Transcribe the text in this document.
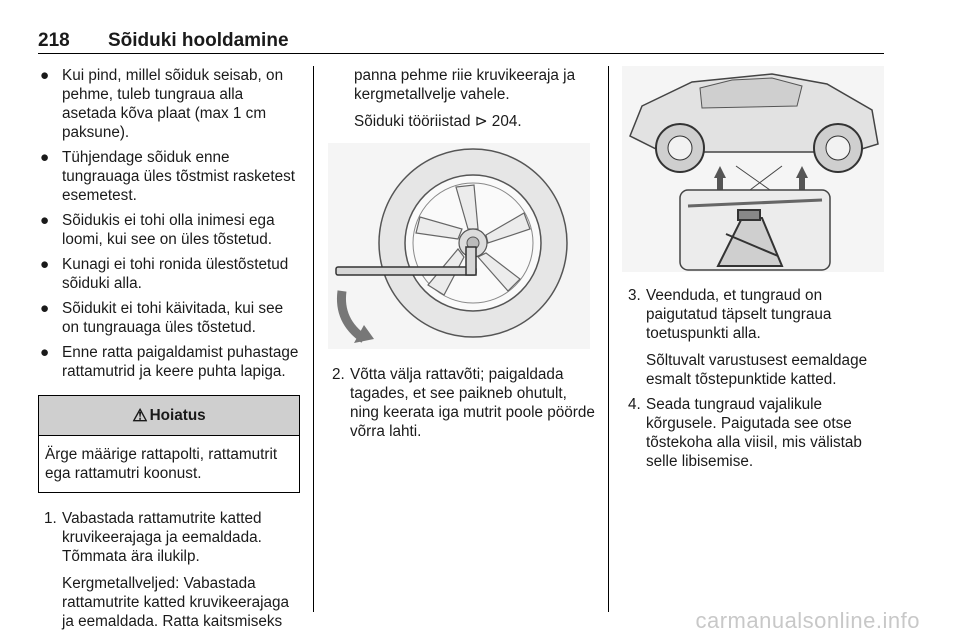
218 Sõiduki hooldamine
● Kui pind, millel sõiduk seisab, on pehme, tuleb tungraua alla asetada kõva plaat (max 1 cm paksune).
● Tühjendage sõiduk enne tungrauaga üles tõstmist rasketest esemetest.
● Sõidukis ei tohi olla inimesi ega loomi, kui see on üles tõstetud.
● Kunagi ei tohi ronida ülestõstetud sõiduki alla.
● Sõidukit ei tohi käivitada, kui see on tungrauaga üles tõstetud.
● Enne ratta paigaldamist puhastage rattamutrid ja keere puhta lapiga.
⚠ Hoiatus
Ärge määrige rattapolti, rattamutrit ega rattamutri koonust.
1. Vabastada rattamutrite katted kruvikeerajaga ja eemaldada. Tõmmata ära ilukilp.
Kergmetallveljed: Vabastada rattamutrite katted kruvikeerajaga ja eemaldada. Ratta kaitsmiseks
panna pehme riie kruvikeeraja ja kergmetallvelje vahele.
Sõiduki tööriistad ⊳ 204.
2. Võtta välja rattavõti; paigaldada tagades, et see paikneb ohutult, ning keerata iga mutrit poole pöörde võrra lahti.
3. Veenduda, et tungraud on paigutatud täpselt tungraua toetuspunkti alla.
Sõltuvalt varustusest eemaldage esmalt tõstepunktide katted.
4. Seada tungraud vajalikule kõrgusele. Paigutada see otse tõstekoha alla viisil, mis välistab selle libisemise.
carmanualsonline.info
